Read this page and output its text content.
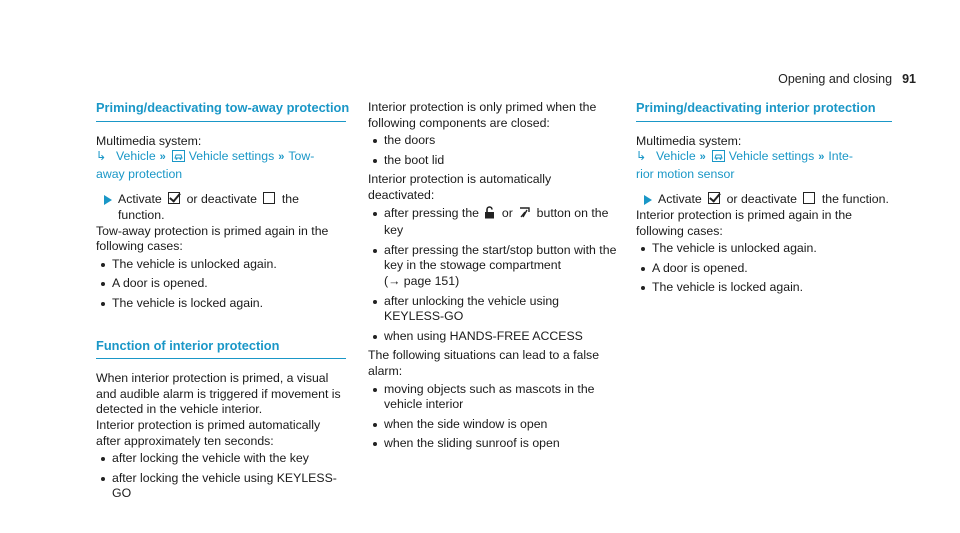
Opening and closing 91
Priming/deactivating tow-away protection

Multimedia system:

↳ Vehicle » Vehicle settings » Tow-
away protection

Activate or deactivate the function.

Tow-away protection is primed again in the following cases:

The vehicle is unlocked again.
A door is opened.
The vehicle is locked again.
Function of interior protection

When interior protection is primed, a visual and audible alarm is triggered if movement is detected in the vehicle interior.

Interior protection is primed automatically after approximately ten seconds:

after locking the vehicle with the key
after locking the vehicle using KEYLESS-GO

Interior protection is only primed when the following components are closed:

the doors
the boot lid

Interior protection is automatically deactivated:

after pressing the or button on the key
after pressing the start/stop button with the key in the stowage compartment
(→ page 151)
after unlocking the vehicle using KEYLESS-GO
when using HANDS-FREE ACCESS

The following situations can lead to a false alarm:

moving objects such as mascots in the vehicle interior
when the side window is open
when the sliding sunroof is open
Priming/deactivating interior protection

Multimedia system:

↳ Vehicle » Vehicle settings » Inte-
rior motion sensor

Activate or deactivate the function.

Interior protection is primed again in the following cases:

The vehicle is unlocked again.
A door is opened.
The vehicle is locked again.
